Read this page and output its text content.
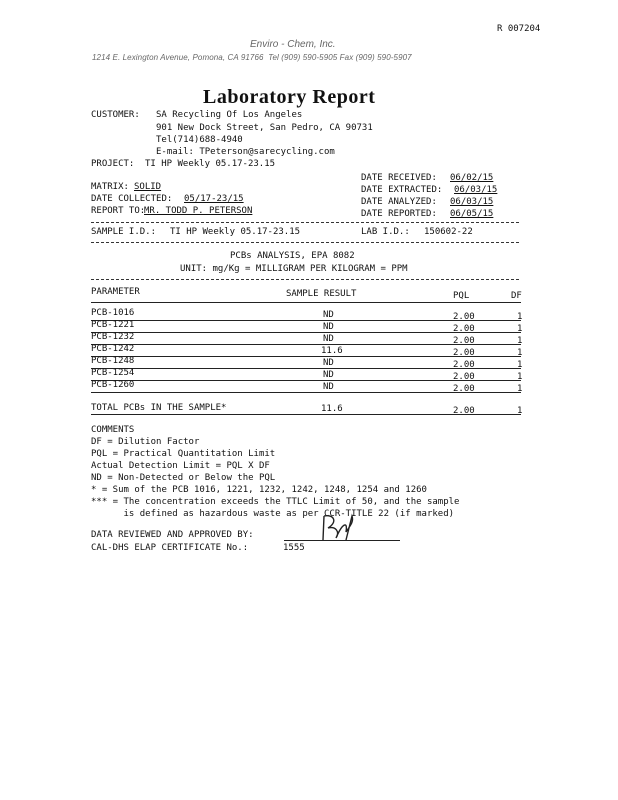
R 007204
Enviro - Chem, Inc.
1214 E. Lexington Avenue, Pomona, CA 91766  Tel (909) 590-5905 Fax (909) 590-5907
Laboratory Report
CUSTOMER: SA Recycling Of Los Angeles
901 New Dock Street, San Pedro, CA 90731
Tel(714)688-4940
E-mail: TPeterson@sarecycling.com
PROJECT: TI HP Weekly 05.17-23.15
DATE RECEIVED: 06/02/15
DATE EXTRACTED: 06/03/15
DATE ANALYZED: 06/03/15
DATE REPORTED: 06/05/15
MATRIX: SOLID
DATE COLLECTED: 05/17-23/15
REPORT TO:
MR. TODD P. PETERSON
SAMPLE I.D.: TI HP Weekly 05.17-23.15	LAB I.D.: 150602-22
PCBs ANALYSIS, EPA 8082
UNIT: mg/Kg = MILLIGRAM PER KILOGRAM = PPM
PARAMETER	SAMPLE RESULT	PQL	DF
PCB-1016	ND	2.00	1
PCB-1221	ND	2.00	1
PCB-1232	ND	2.00	1
PCB-1242	11.6	2.00	1
PCB-1248	ND	2.00	1
PCB-1254	ND	2.00	1
PCB-1260	ND	2.00	1
TOTAL PCBs IN THE SAMPLE*	11.6	2.00	1
COMMENTS
DF = Dilution Factor
PQL = Practical Quantitation Limit
Actual Detection Limit = PQL X DF
ND = Non-Detected or Below the PQL
* = Sum of the PCB 1016, 1221, 1232, 1242, 1248, 1254 and 1260
*** = The concentration exceeds the TTLC Limit of 50, and the sample
is defined as hazardous waste as per CCR-TITLE 22 (if marked)
DATA REVIEWED AND APPROVED BY:
CAL-DHS ELAP CERTIFICATE No.:	1555
